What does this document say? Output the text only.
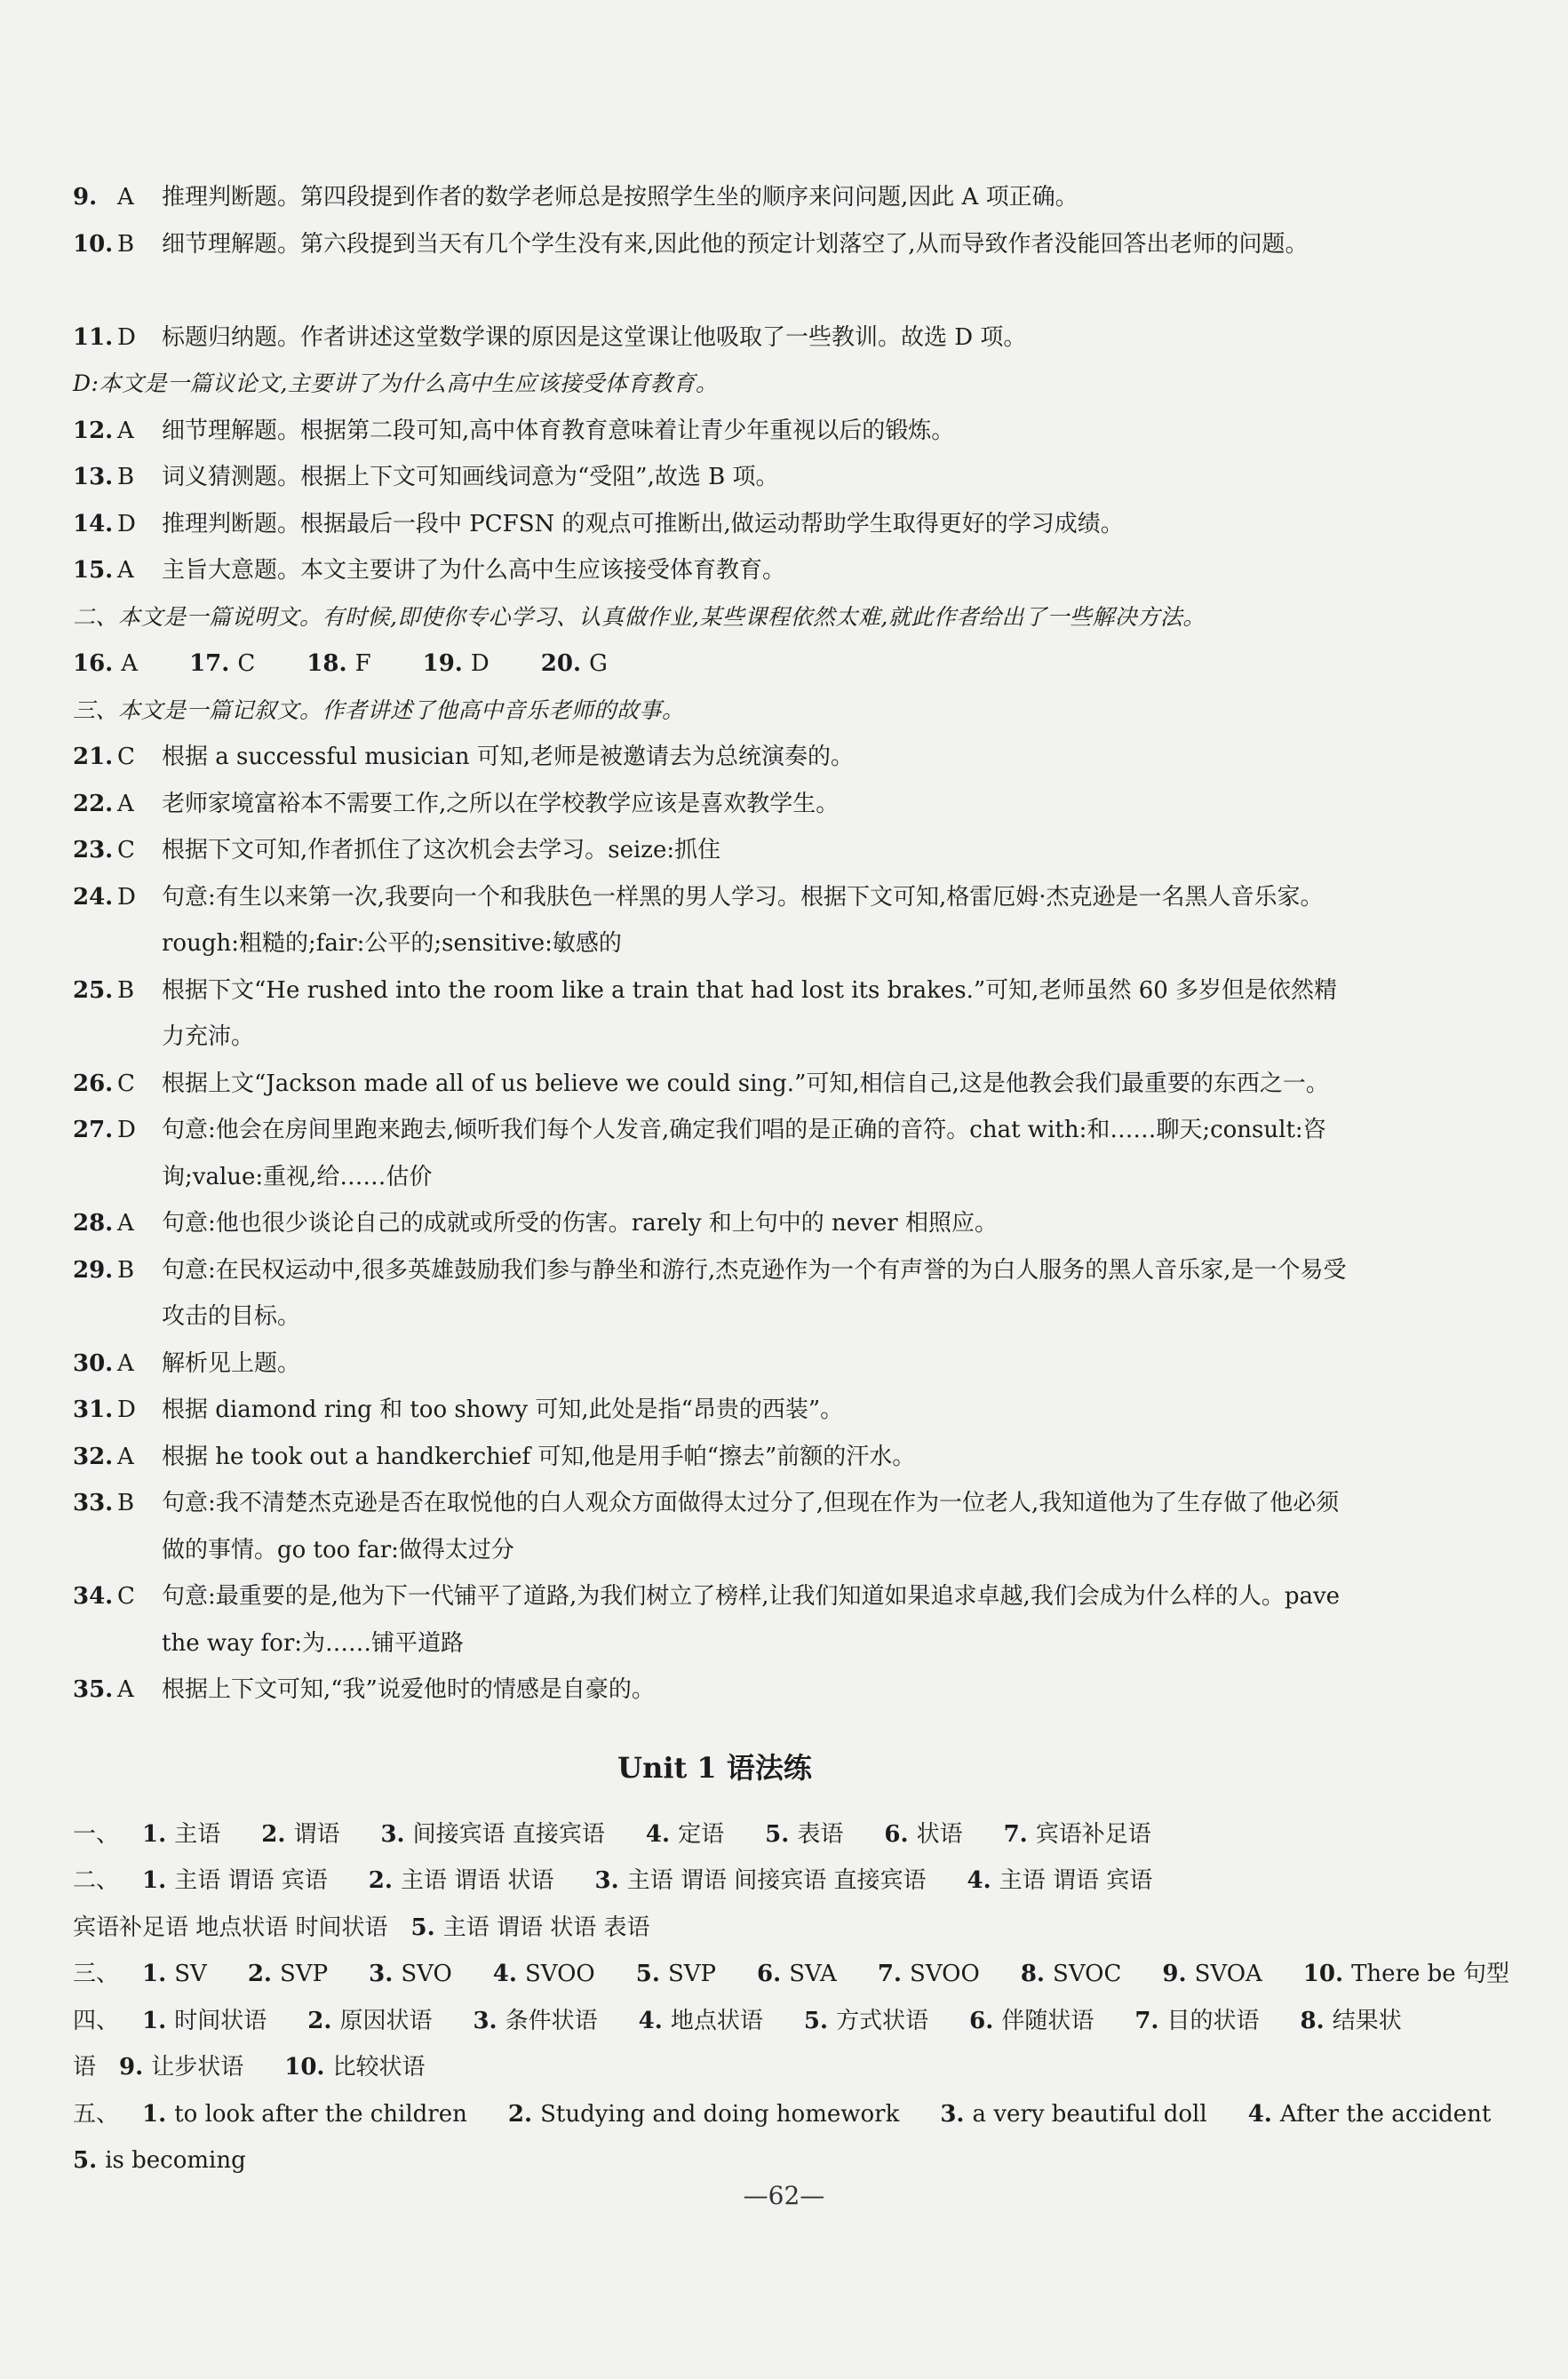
9. A	推理判断题。第四段提到作者的数学老师总是按照学生坐的顺序来问问题,因此 A 项正确。
10. B	细节理解题。第六段提到当天有几个学生没有来,因此他的预定计划落空了,从而导致作者没能回答出老师的问题。
11. D	标题归纳题。作者讲述这堂数学课的原因是这堂课让他吸取了一些教训。故选 D 项。
D:本文是一篇议论文,主要讲了为什么高中生应该接受体育教育。
12. A	细节理解题。根据第二段可知,高中体育教育意味着让青少年重视以后的锻炼。
13. B	词义猜测题。根据上下文可知画线词意为“受阻”,故选 B 项。
14. D	推理判断题。根据最后一段中 PCFSN 的观点可推断出,做运动帮助学生取得更好的学习成绩。
15. A	主旨大意题。本文主要讲了为什么高中生应该接受体育教育。
二、本文是一篇说明文。有时候,即使你专心学习、认真做作业,某些课程依然太难,就此作者给出了一些解决方法。
16. A 17. C 18. F 19. D 20. G
三、本文是一篇记叙文。作者讲述了他高中音乐老师的故事。
21. C	根据 a successful musician 可知,老师是被邀请去为总统演奏的。
22. A	老师家境富裕本不需要工作,之所以在学校教学应该是喜欢教学生。
23. C	根据下文可知,作者抓住了这次机会去学习。seize:抓住
24. D	句意:有生以来第一次,我要向一个和我肤色一样黑的男人学习。根据下文可知,格雷厄姆·杰克逊是一名黑人音乐家。rough:粗糙的;fair:公平的;sensitive:敏感的
25. B	根据下文“He rushed into the room like a train that had lost its brakes.”可知,老师虽然 60 多岁但是依然精力充沛。
26. C	根据上文“Jackson made all of us believe we could sing.”可知,相信自己,这是他教会我们最重要的东西之一。
27. D	句意:他会在房间里跑来跑去,倾听我们每个人发音,确定我们唱的是正确的音符。chat with:和……聊天;consult:咨询;value:重视,给……估价
28. A	句意:他也很少谈论自己的成就或所受的伤害。rarely 和上句中的 never 相照应。
29. B	句意:在民权运动中,很多英雄鼓励我们参与静坐和游行,杰克逊作为一个有声誉的为白人服务的黑人音乐家,是一个易受攻击的目标。
30. A	解析见上题。
31. D	根据 diamond ring 和 too showy 可知,此处是指“昂贵的西装”。
32. A	根据 he took out a handkerchief 可知,他是用手帕“擦去”前额的汗水。
33. B	句意:我不清楚杰克逊是否在取悦他的白人观众方面做得太过分了,但现在作为一位老人,我知道他为了生存做了他必须做的事情。go too far:做得太过分
34. C	句意:最重要的是,他为下一代铺平了道路,为我们树立了榜样,让我们知道如果追求卓越,我们会成为什么样的人。pave the way for:为……铺平道路
35. A	根据上下文可知,“我”说爱他时的情感是自豪的。
Unit 1 语法练
一、 1. 主语 2. 谓语 3. 间接宾语 直接宾语 4. 定语 5. 表语 6. 状语 7. 宾语补足语
二、 1. 主语 谓语 宾语 2. 主语 谓语 状语 3. 主语 谓语 间接宾语 直接宾语 4. 主语 谓语 宾语
宾语补足语 地点状语 时间状语 5. 主语 谓语 状语 表语
三、 1. SV 2. SVP 3. SVO 4. SVOO 5. SVP 6. SVA 7. SVOO 8. SVOC 9. SVOA 10. There be 句型
四、 1. 时间状语 2. 原因状语 3. 条件状语 4. 地点状语 5. 方式状语 6. 伴随状语 7. 目的状语 8. 结果状
语 9. 让步状语 10. 比较状语
五、 1. to look after the children 2. Studying and doing homework 3. a very beautiful doll 4. After the accident
5. is becoming
—62—
